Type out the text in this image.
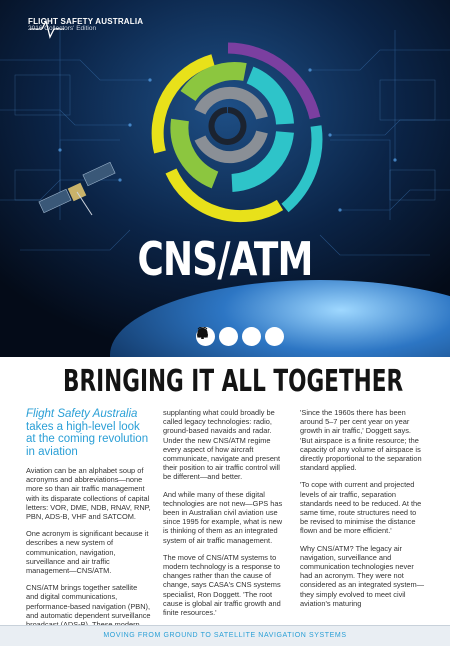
FLIGHT SAFETY AUSTRALIA
2016 Collectors' Edition
CNS/ATM
BRINGING IT ALL TOGETHER

Flight Safety Australia takes a high-level look at the coming revolution in aviation

Aviation can be an alphabet soup of acronyms and abbreviations—none more so than air traffic management with its disparate collections of capital letters: VOR, DME, NDB, RNAV, RNP, PBN, ADS-B, VHF and SATCOM.

One acronym is significant because it describes a new system of communication, navigation, surveillance and air traffic management—CNS/ATM.

CNS/ATM brings together satellite and digital communications, performance-based navigation (PBN), and automatic dependent surveillance

supplanting what could broadly be called legacy technologies: radio, ground-based navaids and radar. Under the new CNS/ATM regime every aspect of how aircraft communicate, navigate and present their position to air traffic control will be different—and better.

And while many of these digital technologies are not new—GPS has been in Australian civil aviation use since 1995 for example, what is new is thinking of them as an integrated system of air traffic management.

The move of CNS/ATM systems to modern technology is a response to changes rather than the cause of change, says CASA's CNS systems specialist, Ron Doggett. 'The root cause is global air traffic growth and finite resources.'

'Since the 1960s there has been around 5–7 per cent year on year growth in air traffic,' Doggett says. 'But airspace is a finite resource; the capacity of any volume of airspace is directly proportional to the separation standard applied.

'To cope with current and projected levels of air traffic, separation standards need to be reduced. At the same time, route structures need to be revised to minimise the distance flown and be more efficient.'

Why CNS/ATM? The legacy air navigation, surveillance and communication technologies never had an acronym. They were not considered as an integrated system—they simply evolved to meet civil aviation's maturing

MOVING FROM GROUND TO SATELLITE NAVIGATION SYSTEMS
